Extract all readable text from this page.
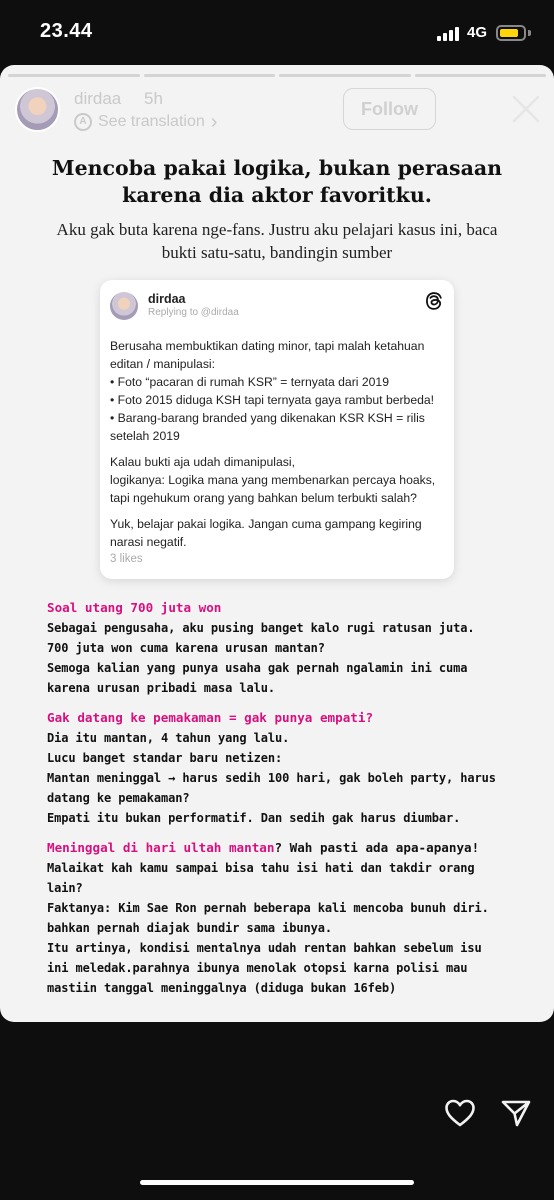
23.44	4G
dirdaa 5h
A See translation ›
Follow
Mencoba pakai logika, bukan perasaan karena dia aktor favoritku.
Aku gak buta karena nge-fans. Justru aku pelajari kasus ini, baca bukti satu-satu, bandingin sumber
dirdaa
Replying to @dirdaa

Berusaha membuktikan dating minor, tapi malah ketahuan editan / manipulasi:
• Foto “pacaran di rumah KSR” = ternyata dari 2019
• Foto 2015 diduga KSH tapi ternyata gaya rambut berbeda!
• Barang-barang branded yang dikenakan KSR KSH = rilis setelah 2019

Kalau bukti aja udah dimanipulasi,
logikanya: Logika mana yang membenarkan percaya hoaks, tapi ngehukum orang yang bahkan belum terbukti salah?

Yuk, belajar pakai logika. Jangan cuma gampang kegiring narasi negatif.

3 likes
Soal utang 700 juta won
Sebagai pengusaha, aku pusing banget kalo rugi ratusan juta.
700 juta won cuma karena urusan mantan?
Semoga kalian yang punya usaha gak pernah ngalamin ini cuma karena urusan pribadi masa lalu.
Gak datang ke pemakaman = gak punya empati?
Dia itu mantan, 4 tahun yang lalu.
Lucu banget standar baru netizen:
Mantan meninggal → harus sedih 100 hari, gak boleh party, harus datang ke pemakaman?
Empati itu bukan performatif. Dan sedih gak harus diumbar.
Meninggal di hari ultah mantan? Wah pasti ada apa-apanya!
Malaikat kah kamu sampai bisa tahu isi hati dan takdir orang lain?
Faktanya: Kim Sae Ron pernah beberapa kali mencoba bunuh diri. bahkan pernah diajak bundir sama ibunya.
Itu artinya, kondisi mentalnya udah rentan bahkan sebelum isu ini meledak.parahnya ibunya menolak otopsi karna polisi mau mastiin tanggal meninggalnya (diduga bukan 16feb)
